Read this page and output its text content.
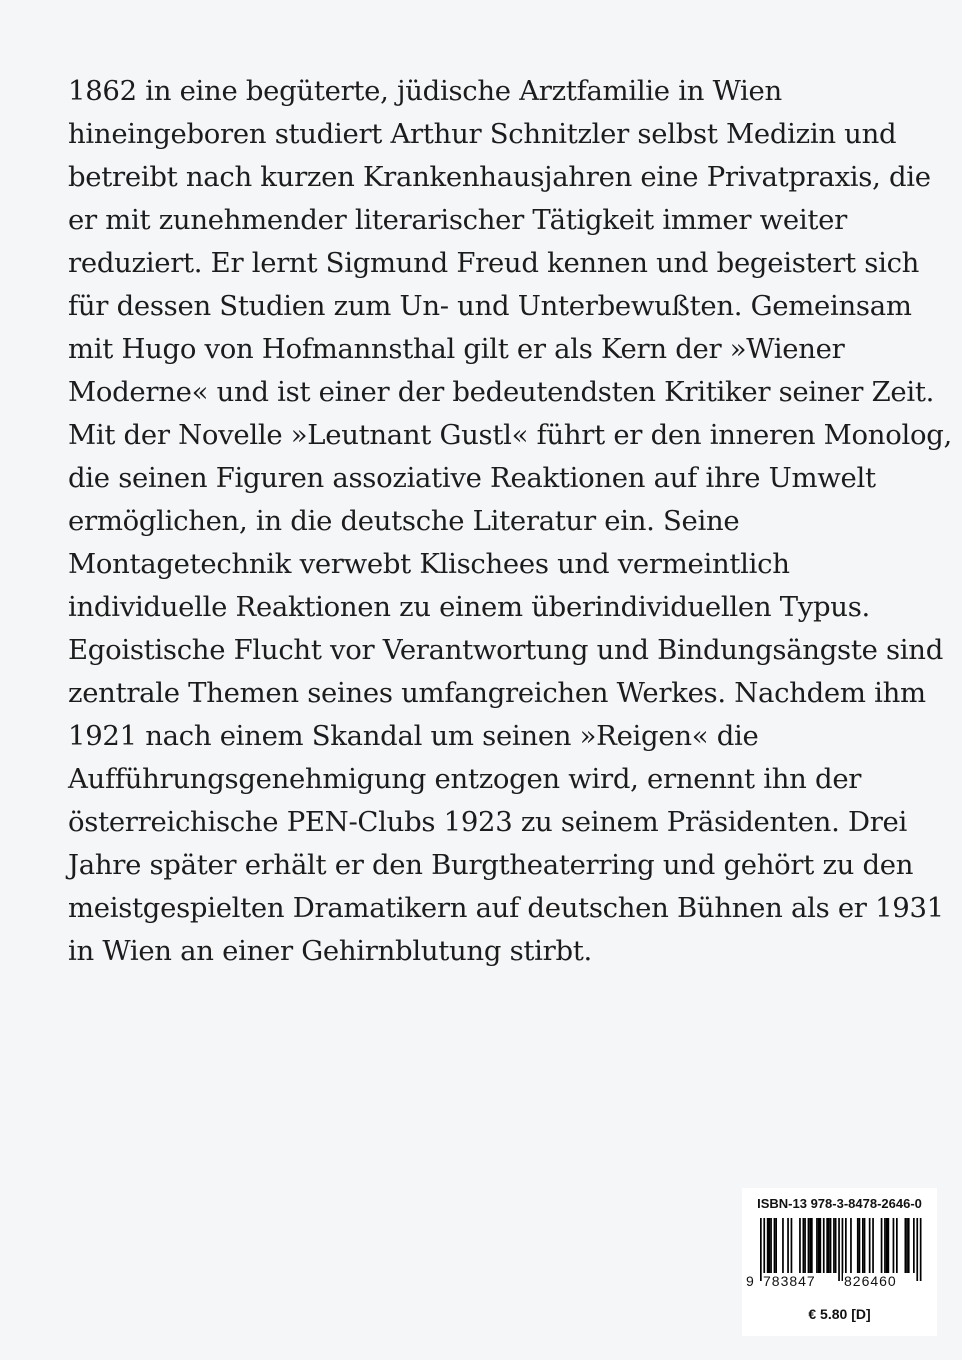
1862 in eine begüterte, jüdische Arztfamilie in Wien
hineingeboren studiert Arthur Schnitzler selbst Medizin und
betreibt nach kurzen Krankenhausjahren eine Privatpraxis, die
er mit zunehmender literarischer Tätigkeit immer weiter
reduziert. Er lernt Sigmund Freud kennen und begeistert sich
für dessen Studien zum Un- und Unterbewußten. Gemeinsam
mit Hugo von Hofmannsthal gilt er als Kern der »Wiener
Moderne« und ist einer der bedeutendsten Kritiker seiner Zeit.
Mit der Novelle »Leutnant Gustl« führt er den inneren Monolog,
die seinen Figuren assoziative Reaktionen auf ihre Umwelt
ermöglichen, in die deutsche Literatur ein. Seine
Montagetechnik verwebt Klischees und vermeintlich
individuelle Reaktionen zu einem überindividuellen Typus.
Egoistische Flucht vor Verantwortung und Bindungsängste sind
zentrale Themen seines umfangreichen Werkes. Nachdem ihm
1921 nach einem Skandal um seinen »Reigen« die
Aufführungsgenehmigung entzogen wird, ernennt ihn der
österreichische PEN-Clubs 1923 zu seinem Präsidenten. Drei
Jahre später erhält er den Burgtheaterring und gehört zu den
meistgespielten Dramatikern auf deutschen Bühnen als er 1931
in Wien an einer Gehirnblutung stirbt.
ISBN-13 978-3-8478-2646-0
9 783847 826460
€ 5.80 [D]
